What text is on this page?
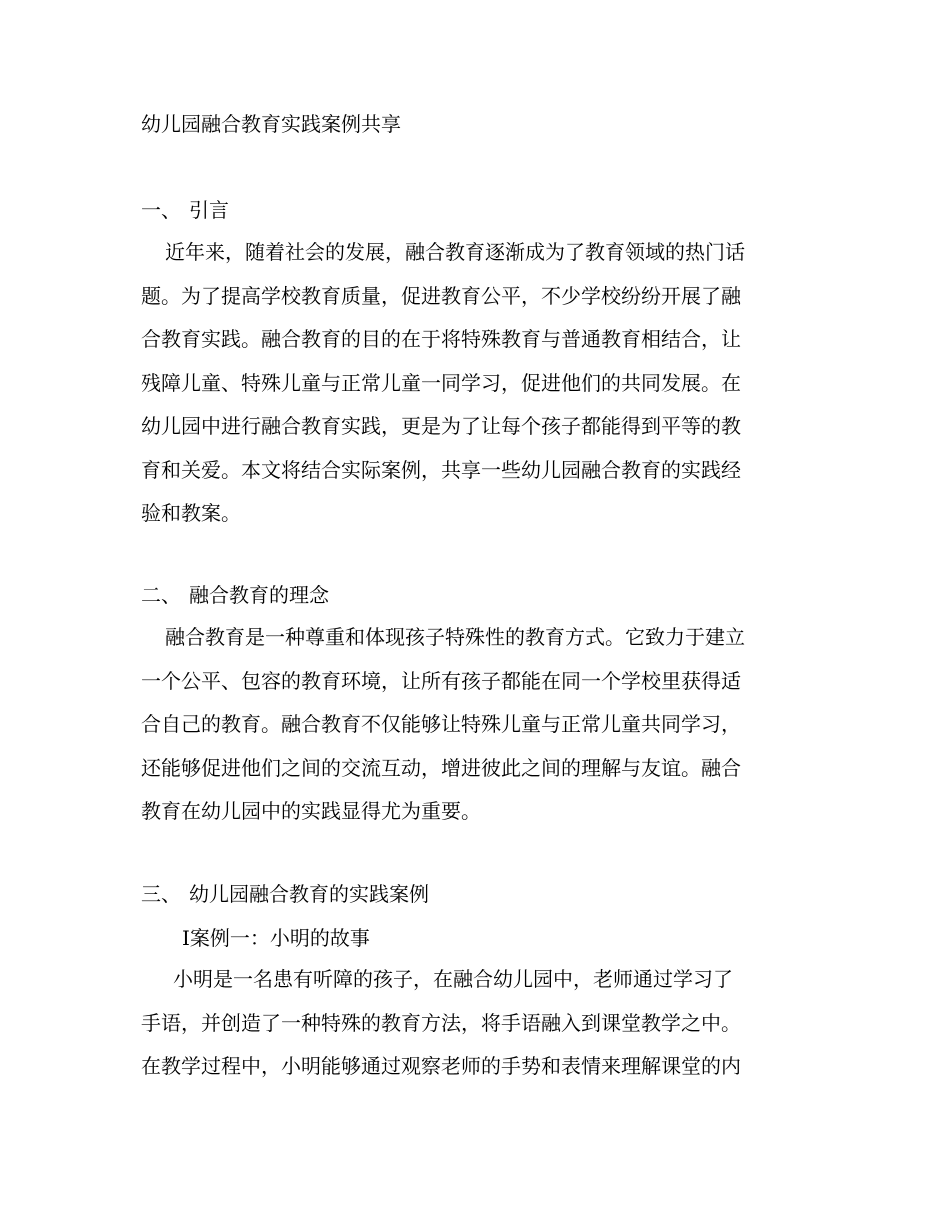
幼儿园融合教育实践案例共享
一、 引言
近年来，随着社会的发展，融合教育逐渐成为了教育领域的热门话
题。为了提高学校教育质量，促进教育公平，不少学校纷纷开展了融
合教育实践。融合教育的目的在于将特殊教育与普通教育相结合，让
残障儿童、特殊儿童与正常儿童一同学习，促进他们的共同发展。在
幼儿园中进行融合教育实践，更是为了让每个孩子都能得到平等的教
育和关爱。本文将结合实际案例，共享一些幼儿园融合教育的实践经
验和教案。
二、 融合教育的理念
融合教育是一种尊重和体现孩子特殊性的教育方式。它致力于建立
一个公平、包容的教育环境，让所有孩子都能在同一个学校里获得适
合自己的教育。融合教育不仅能够让特殊儿童与正常儿童共同学习，
还能够促进他们之间的交流互动，增进彼此之间的理解与友谊。融合
教育在幼儿园中的实践显得尤为重要。
三、 幼儿园融合教育的实践案例
I案例一：小明的故事
小明是一名患有听障的孩子，在融合幼儿园中，老师通过学习了
手语，并创造了一种特殊的教育方法，将手语融入到课堂教学之中。
在教学过程中，小明能够通过观察老师的手势和表情来理解课堂的内
